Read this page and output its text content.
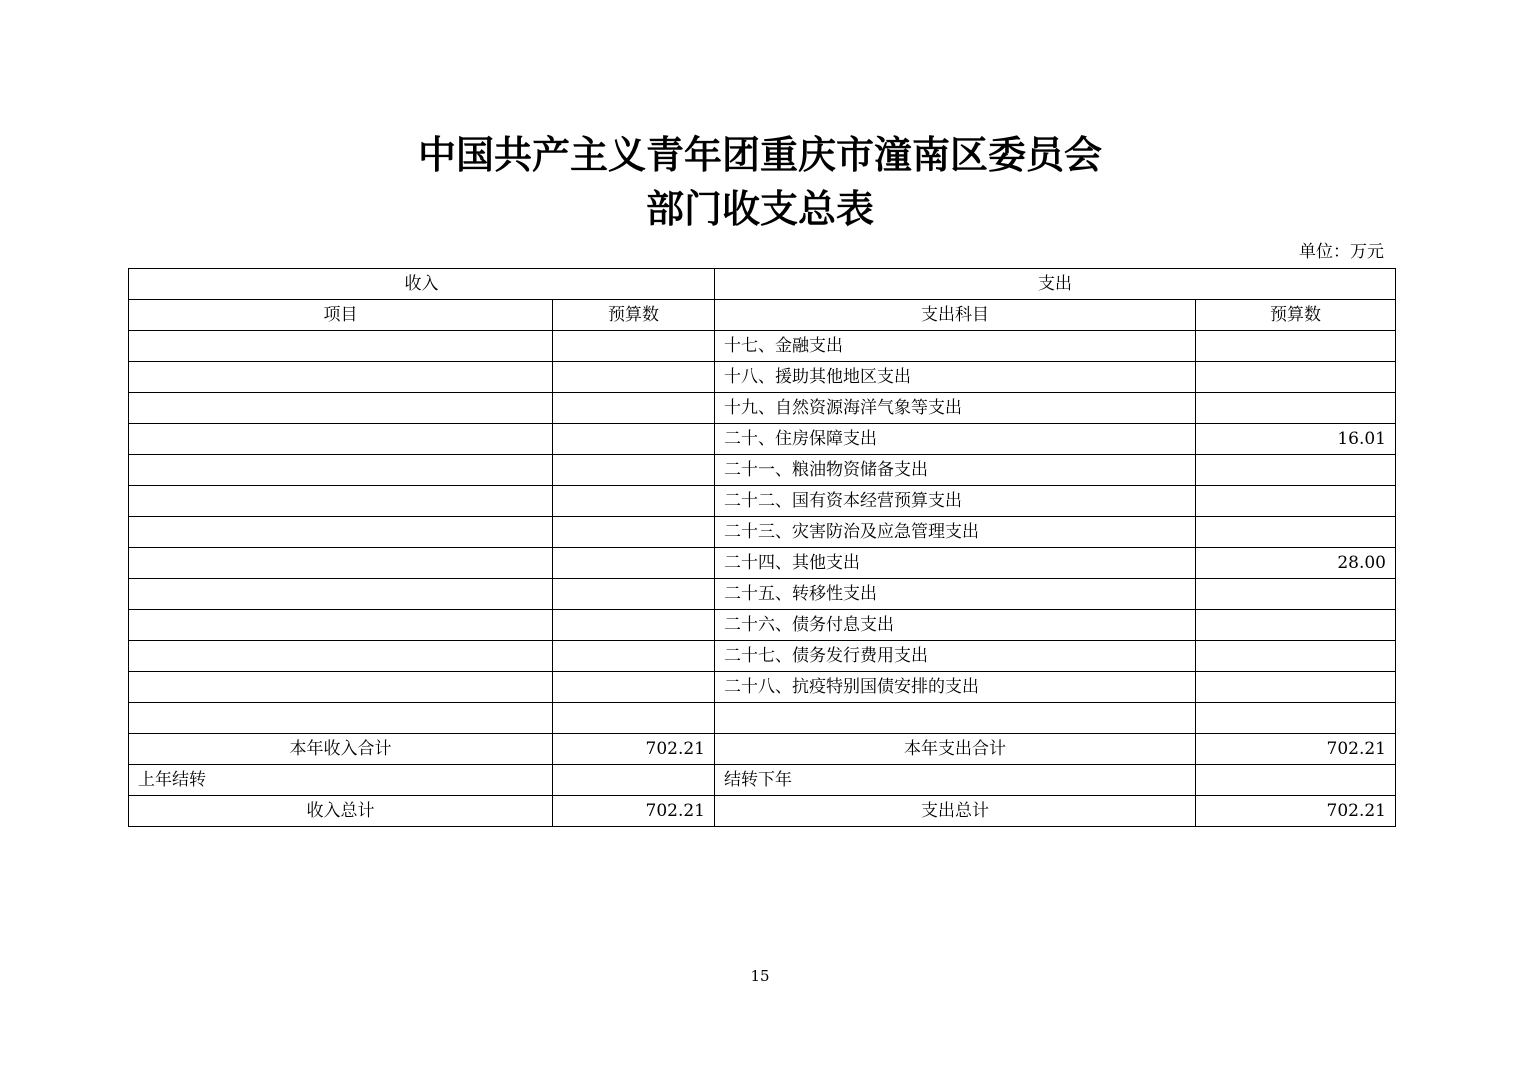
中国共产主义青年团重庆市潼南区委员会
部门收支总表
单位：万元
收入		支出	
项目	预算数	支出科目	预算数
		十七、金融支出	
		十八、援助其他地区支出	
		十九、自然资源海洋气象等支出	
		二十、住房保障支出	16.01
		二十一、粮油物资储备支出	
		二十二、国有资本经营预算支出	
		二十三、灾害防治及应急管理支出	
		二十四、其他支出	28.00
		二十五、转移性支出	
		二十六、债务付息支出	
		二十七、债务发行费用支出	
		二十八、抗疫特别国债安排的支出	

本年收入合计	702.21	本年支出合计	702.21
上年结转		结转下年	
收入总计	702.21	支出总计	702.21
15
